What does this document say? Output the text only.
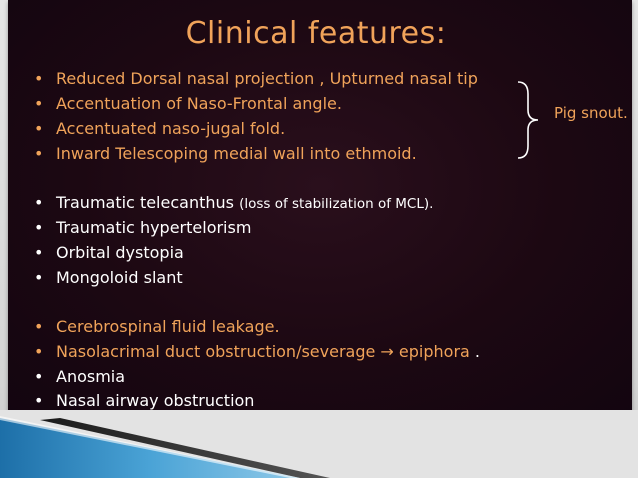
Clinical features:
• Reduced Dorsal nasal projection , Upturned nasal tip
• Accentuation of Naso-Frontal angle.
• Accentuated naso-jugal fold.
• Inward Telescoping medial wall into ethmoid.
Pig snout.
• Traumatic telecanthus (loss of stabilization of MCL).
• Traumatic hypertelorism
• Orbital dystopia
• Mongoloid slant
• Cerebrospinal fluid leakage.
• Nasolacrimal duct obstruction/severage → epiphora .
• Anosmia
• Nasal airway obstruction
